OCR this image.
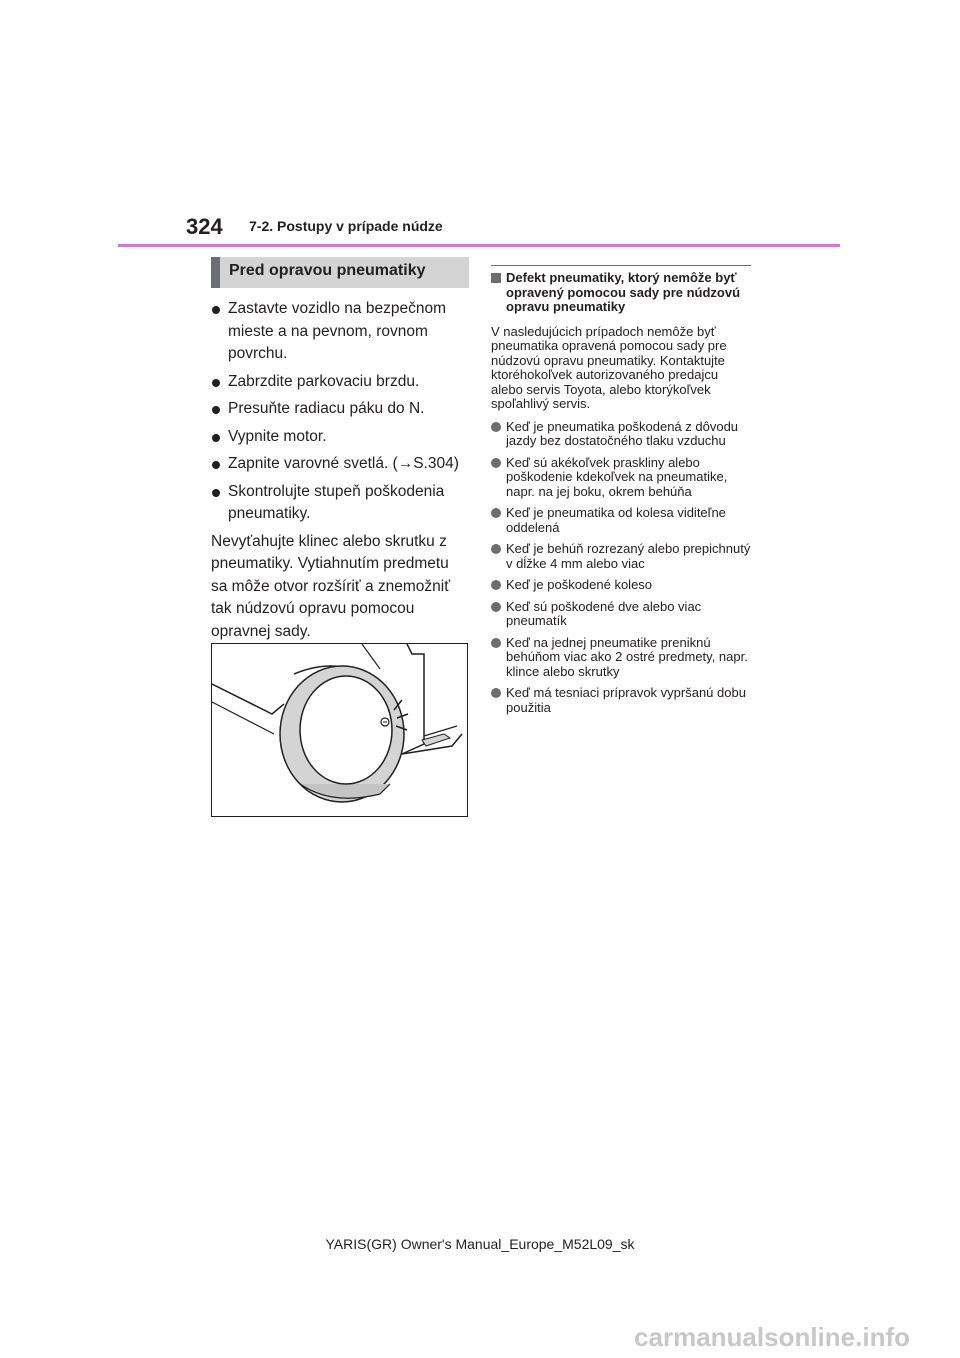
324 7-2. Postupy v prípade núdze
Pred opravou pneumatiky
Zastavte vozidlo na bezpečnom mieste a na pevnom, rovnom povrchu.
Zabrzdite parkovaciu brzdu.
Presuňte radiacu páku do N.
Vypnite motor.
Zapnite varovné svetlá. (→S.304)
Skontrolujte stupeň poškodenia pneumatiky.

Nevyťahujte klinec alebo skrutku z pneumatiky. Vytiahnutím predmetu sa môže otvor rozšíriť a znemožniť tak núdzovú opravu pomocou opravnej sady.

Defekt pneumatiky, ktorý nemôže byť opravený pomocou sady pre núdzovú opravu pneumatiky

V nasledujúcich prípadoch nemôže byť pneumatika opravená pomocou sady pre núdzovú opravu pneumatiky. Kontaktujte ktoréhokoľvek autorizovaného predajcu alebo servis Toyota, alebo ktorýkoľvek spoľahlivý servis.

Keď je pneumatika poškodená z dôvodu jazdy bez dostatočného tlaku vzduchu
Keď sú akékoľvek praskliny alebo poškodenie kdekoľvek na pneumatike, napr. na jej boku, okrem behúňa
Keď je pneumatika od kolesa viditeľne oddelená
Keď je behúň rozrezaný alebo prepichnutý v dĺžke 4 mm alebo viac
Keď je poškodené koleso
Keď sú poškodené dve alebo viac pneumatík
Keď na jednej pneumatike preniknú behúňom viac ako 2 ostré predmety, napr. klince alebo skrutky
Keď má tesniaci prípravok vypršanú dobu použitia
YARIS(GR) Owner's Manual_Europe_M52L09_sk
carmanualsonline.info
